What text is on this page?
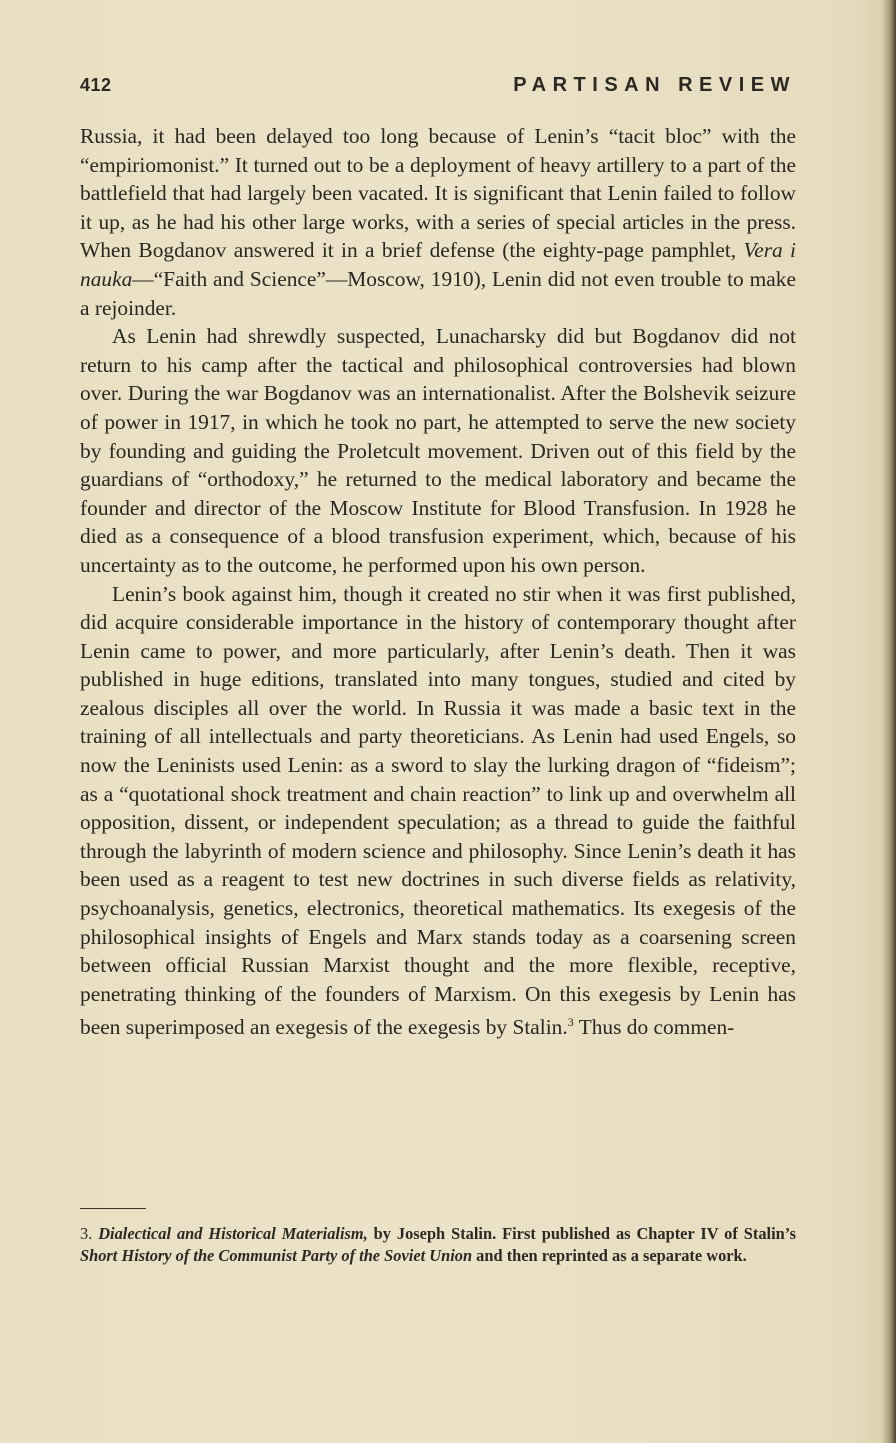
412	PARTISAN REVIEW

Russia, it had been delayed too long because of Lenin’s “tacit bloc” with the “empiriomonist.” It turned out to be a deployment of heavy artillery to a part of the battlefield that had largely been vacated. It is significant that Lenin failed to follow it up, as he had his other large works, with a series of special articles in the press. When Bogdanov answered it in a brief defense (the eighty-page pamphlet, Vera i nauka—“Faith and Science”—Moscow, 1910), Lenin did not even trouble to make a rejoinder.

As Lenin had shrewdly suspected, Lunacharsky did but Bogdanov did not return to his camp after the tactical and philosophical controversies had blown over. During the war Bogdanov was an internationalist. After the Bolshevik seizure of power in 1917, in which he took no part, he attempted to serve the new society by founding and guiding the Proletcult movement. Driven out of this field by the guardians of “orthodoxy,” he returned to the medical laboratory and became the founder and director of the Moscow Institute for Blood Transfusion. In 1928 he died as a consequence of a blood transfusion experiment, which, because of his uncertainty as to the outcome, he performed upon his own person.

Lenin’s book against him, though it created no stir when it was first published, did acquire considerable importance in the history of contemporary thought after Lenin came to power, and more particularly, after Lenin’s death. Then it was published in huge editions, translated into many tongues, studied and cited by zealous disciples all over the world. In Russia it was made a basic text in the training of all intellectuals and party theoreticians. As Lenin had used Engels, so now the Leninists used Lenin: as a sword to slay the lurking dragon of “fideism”; as a “quotational shock treatment and chain reaction” to link up and overwhelm all opposition, dissent, or independent speculation; as a thread to guide the faithful through the labyrinth of modern science and philosophy. Since Lenin’s death it has been used as a reagent to test new doctrines in such diverse fields as relativity, psychoanalysis, genetics, electronics, theoretical mathematics. Its exegesis of the philosophical insights of Engels and Marx stands today as a coarsening screen between official Russian Marxist thought and the more flexible, receptive, penetrating thinking of the founders of Marxism. On this exegesis by Lenin has been superimposed an exegesis of the exegesis by Stalin.$^3$ Thus do commen-

3. Dialectical and Historical Materialism, by Joseph Stalin. First published as Chapter IV of Stalin’s Short History of the Communist Party of the Soviet Union and then reprinted as a separate work.
